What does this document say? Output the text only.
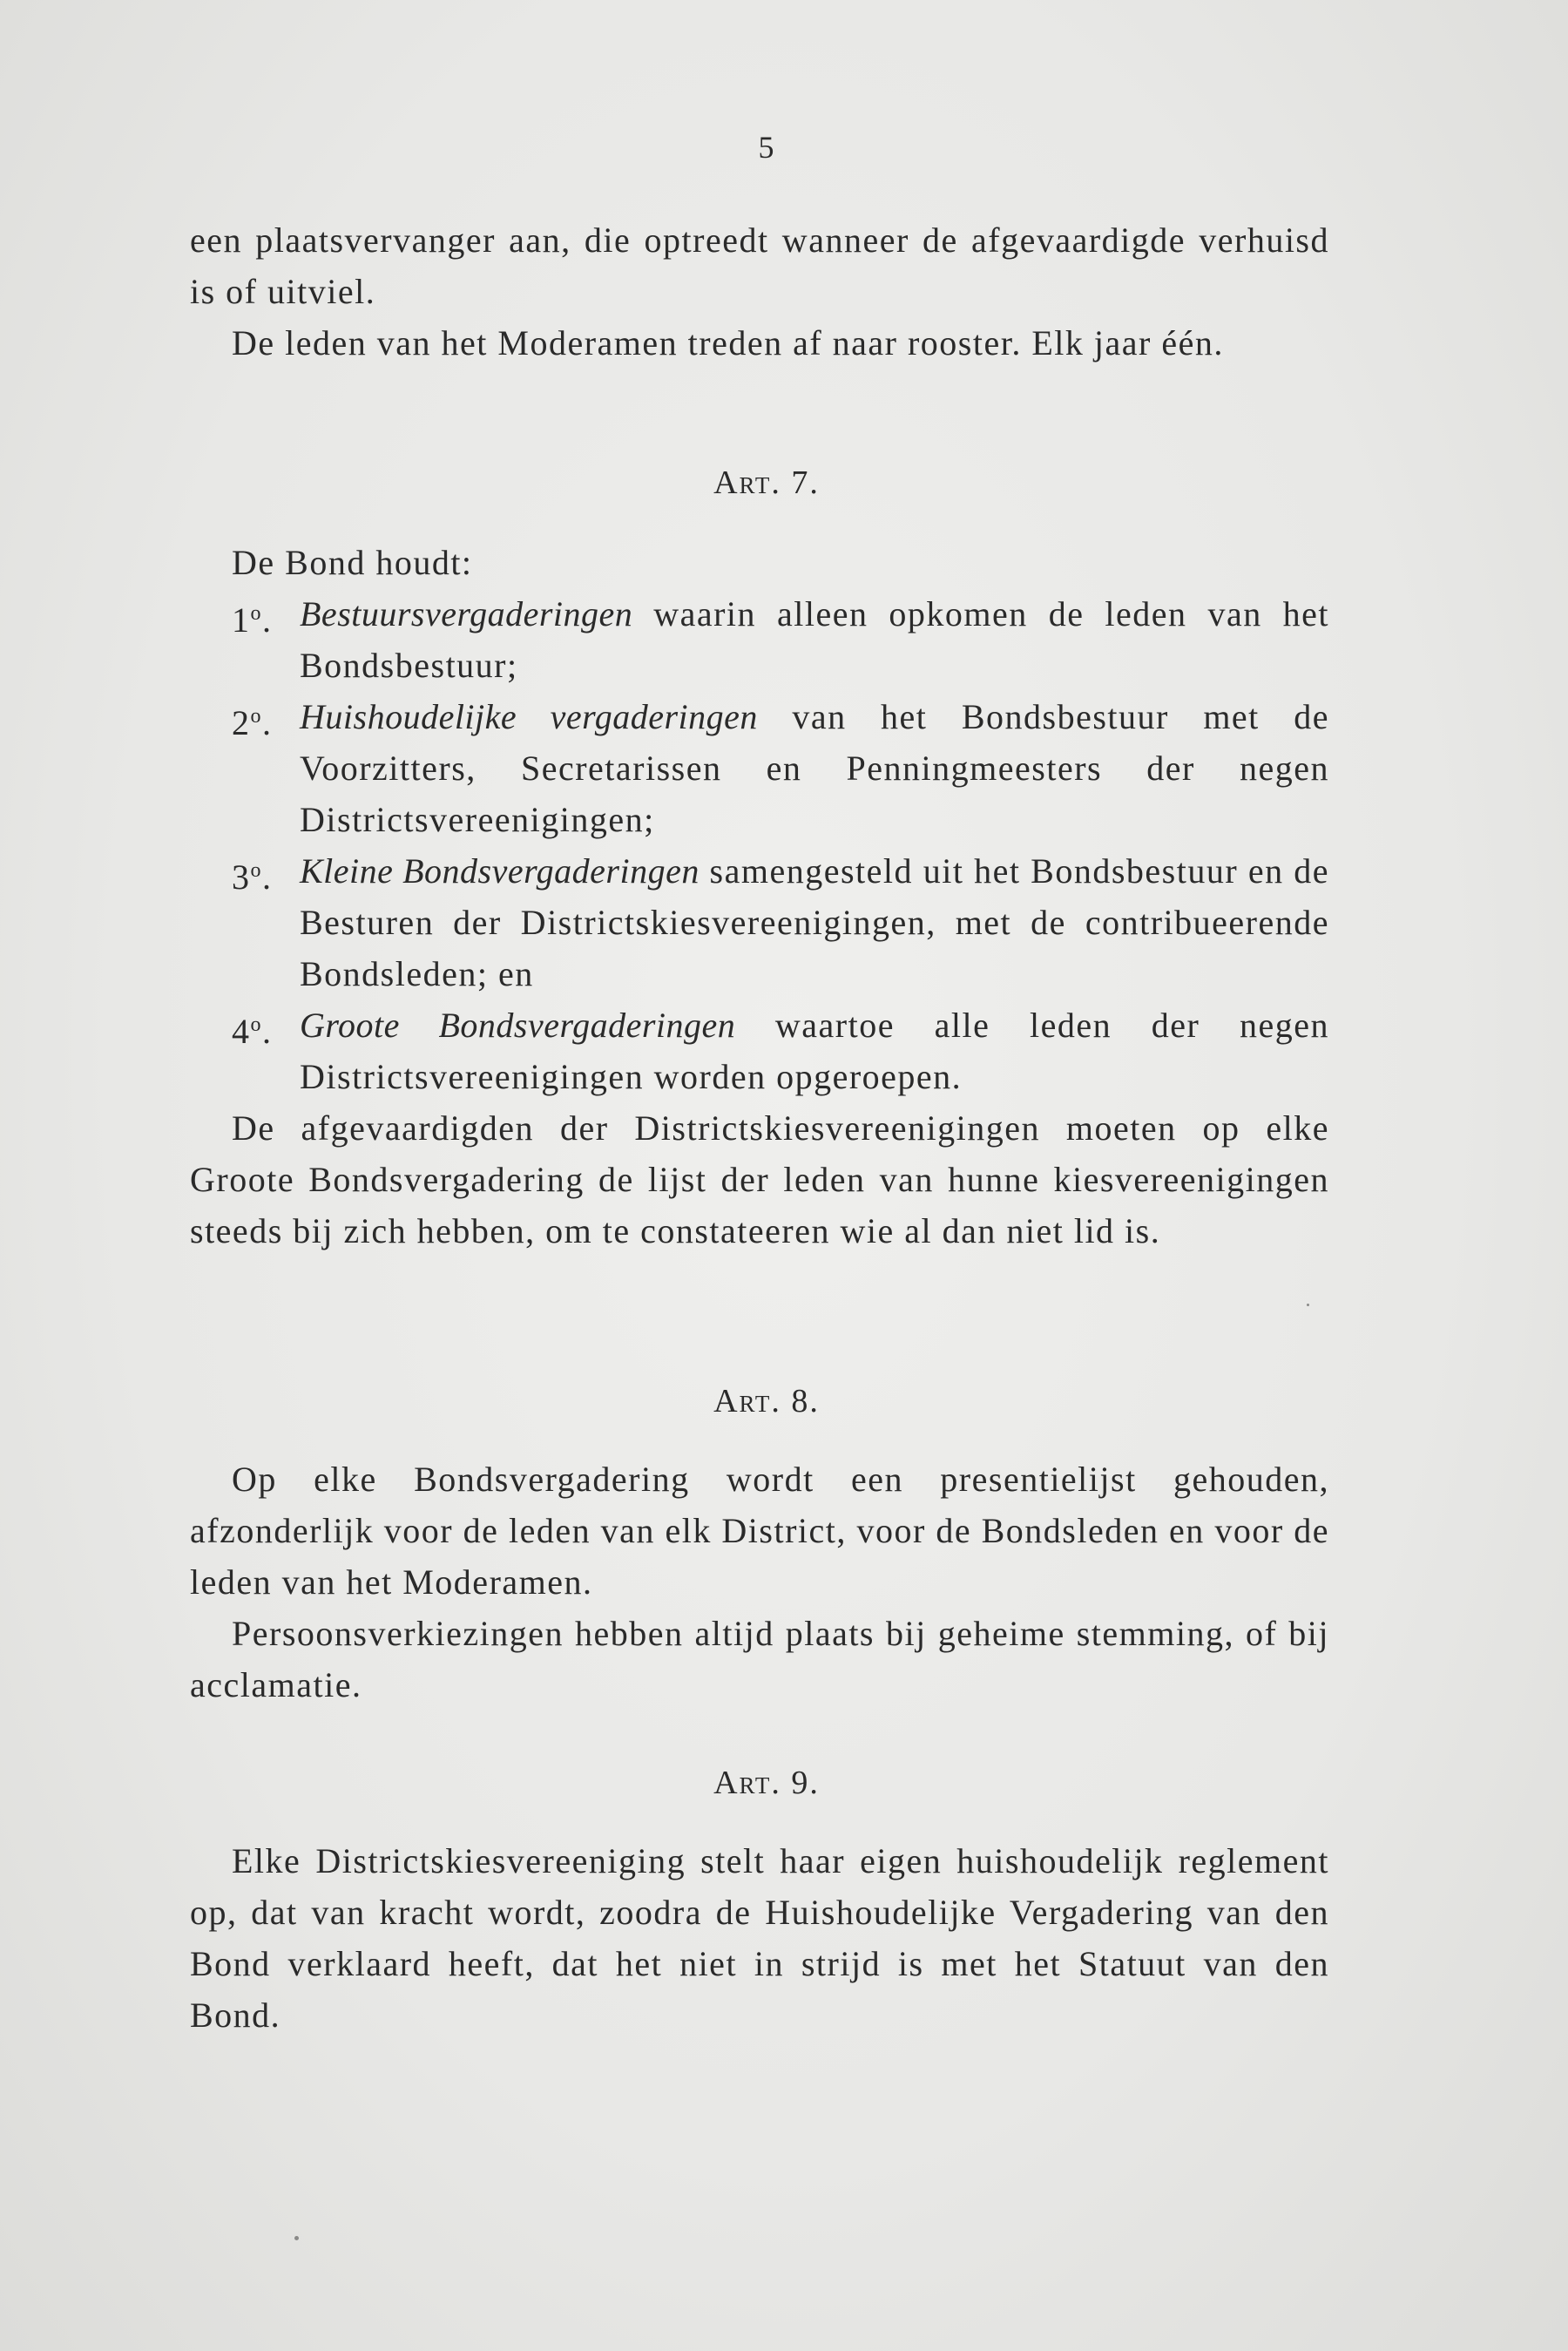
5

een plaatsvervanger aan, die optreedt wanneer de afgevaardigde verhuisd is of uitviel.

De leden van het Moderamen treden af naar rooster. Elk jaar één.

Art. 7.

De Bond houdt:

1$^o$. Bestuursvergaderingen waarin alleen opkomen de leden van het Bondsbestuur;
2$^o$. Huishoudelijke vergaderingen van het Bondsbestuur met de Voorzitters, Secretarissen en Penningmeesters der negen Districtsvereenigingen;
3$^o$. Kleine Bondsvergaderingen samengesteld uit het Bondsbestuur en de Besturen der Districtskiesvereenigingen, met de contribueerende Bondsleden; en
4$^o$. Groote Bondsvergaderingen waartoe alle leden der negen Districtsvereenigingen worden opgeroepen.

De afgevaardigden der Districtskiesvereenigingen moeten op elke Groote Bondsvergadering de lijst der leden van hunne kiesvereenigingen steeds bij zich hebben, om te constateeren wie al dan niet lid is.

Art. 8.

Op elke Bondsvergadering wordt een presentielijst gehouden, afzonderlijk voor de leden van elk District, voor de Bondsleden en voor de leden van het Moderamen.

Persoonsverkiezingen hebben altijd plaats bij geheime stemming, of bij acclamatie.

Art. 9.

Elke Districtskiesvereeniging stelt haar eigen huishoudelijk reglement op, dat van kracht wordt, zoodra de Huishoudelijke Vergadering van den Bond verklaard heeft, dat het niet in strijd is met het Statuut van den Bond.
